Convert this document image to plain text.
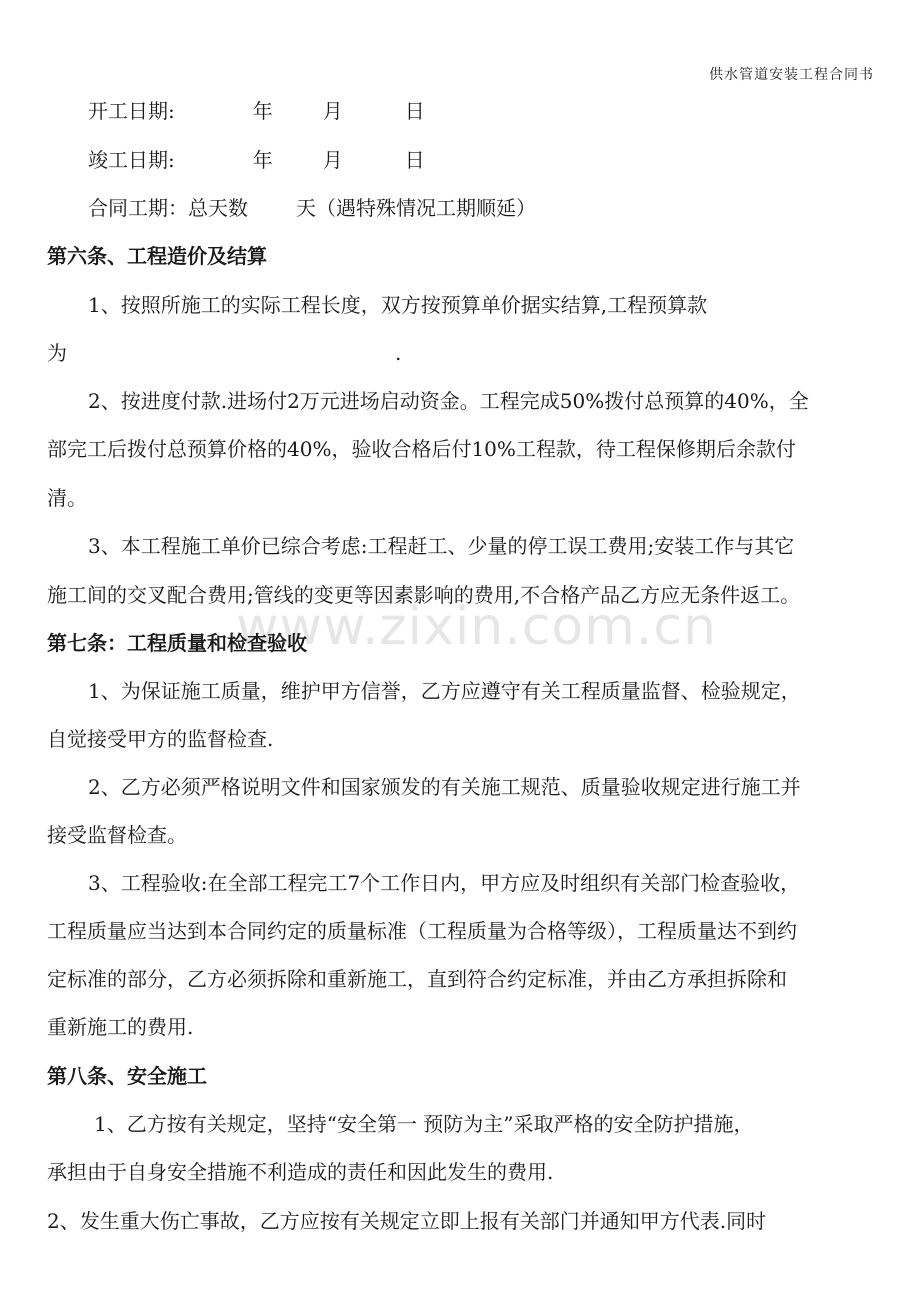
供水管道安装工程合同书
www.zixin.com.cn
开工日期:	年	月	日
竣工日期:	年	月	日
合同工期：总天数 天（遇特殊情况工期顺延）
第六条、工程造价及结算
1、按照所施工的实际工程长度，双方按预算单价据实结算,工程预算款
为	.
2、按进度付款.进场付2万元进场启动资金。工程完成50%拨付总预算的40%，全
部完工后拨付总预算价格的40%，验收合格后付10%工程款，待工程保修期后余款付
清。
3、本工程施工单价已综合考虑:工程赶工、少量的停工误工费用;安装工作与其它
施工间的交叉配合费用;管线的变更等因素影响的费用,不合格产品乙方应无条件返工。
第七条：工程质量和检查验收
1、为保证施工质量，维护甲方信誉，乙方应遵守有关工程质量监督、检验规定，
自觉接受甲方的监督检查.
2、乙方必须严格说明文件和国家颁发的有关施工规范、质量验收规定进行施工并
接受监督检查。
3、工程验收:在全部工程完工7个工作日内，甲方应及时组织有关部门检查验收，
工程质量应当达到本合同约定的质量标准（工程质量为合格等级），工程质量达不到约
定标准的部分，乙方必须拆除和重新施工，直到符合约定标准，并由乙方承担拆除和
重新施工的费用.
第八条、安全施工
1、乙方按有关规定，坚持“安全第一 预防为主”采取严格的安全防护措施，
承担由于自身安全措施不利造成的责任和因此发生的费用.
2、发生重大伤亡事故，乙方应按有关规定立即上报有关部门并通知甲方代表.同时
